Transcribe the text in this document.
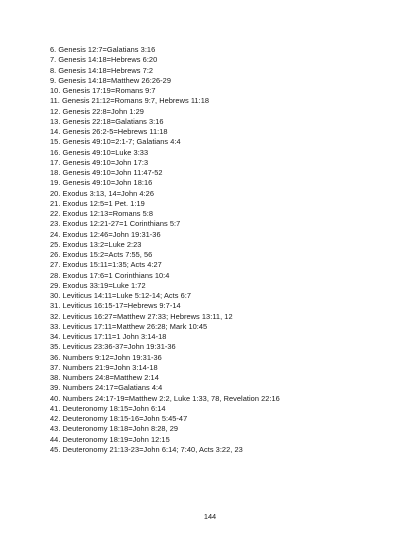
6. Genesis 12:7=Galatians 3:16
7. Genesis 14:18=Hebrews 6:20
8. Genesis 14:18=Hebrews 7:2
9. Genesis 14:18=Matthew 26:26-29
10. Genesis 17:19=Romans 9:7
11. Genesis 21:12=Romans 9:7, Hebrews 11:18
12. Genesis 22:8=John 1:29
13. Genesis 22:18=Galatians 3:16
14. Genesis 26:2-5=Hebrews 11:18
15. Genesis 49:10=2:1-7; Galatians 4:4
16. Genesis 49:10=Luke 3:33
17. Genesis 49:10=John 17:3
18. Genesis 49:10=John 11:47-52
19. Genesis 49:10=John 18:16
20. Exodus 3:13, 14=John 4:26
21. Exodus 12:5=1 Pet. 1:19
22. Exodus 12:13=Romans 5:8
23. Exodus 12:21-27=1 Corinthians 5:7
24. Exodus 12:46=John 19:31-36
25. Exodus 13:2=Luke 2:23
26. Exodus 15:2=Acts 7:55, 56
27. Exodus 15:11=1:35; Acts 4:27
28. Exodus 17:6=1 Corinthians 10:4
29. Exodus 33:19=Luke 1:72
30. Leviticus 14:11=Luke 5:12-14; Acts 6:7
31. Leviticus 16:15-17=Hebrews 9:7-14
32. Leviticus 16:27=Matthew 27:33; Hebrews 13:11, 12
33. Leviticus 17:11=Matthew 26:28; Mark 10:45
34. Leviticus 17:11=1 John 3:14-18
35. Leviticus 23:36-37=John 19:31-36
36. Numbers 9:12=John 19:31-36
37. Numbers 21:9=John 3:14-18
38. Numbers 24:8=Matthew 2:14
39. Numbers 24:17=Galatians 4:4
40. Numbers 24:17-19=Matthew 2:2, Luke 1:33, 78, Revelation 22:16
41. Deuteronomy 18:15=John 6:14
42. Deuteronomy 18:15-16=John 5:45-47
43. Deuteronomy 18:18=John 8:28, 29
44. Deuteronomy 18:19=John 12:15
45. Deuteronomy 21:13-23=John 6:14; 7:40, Acts 3:22, 23
144
